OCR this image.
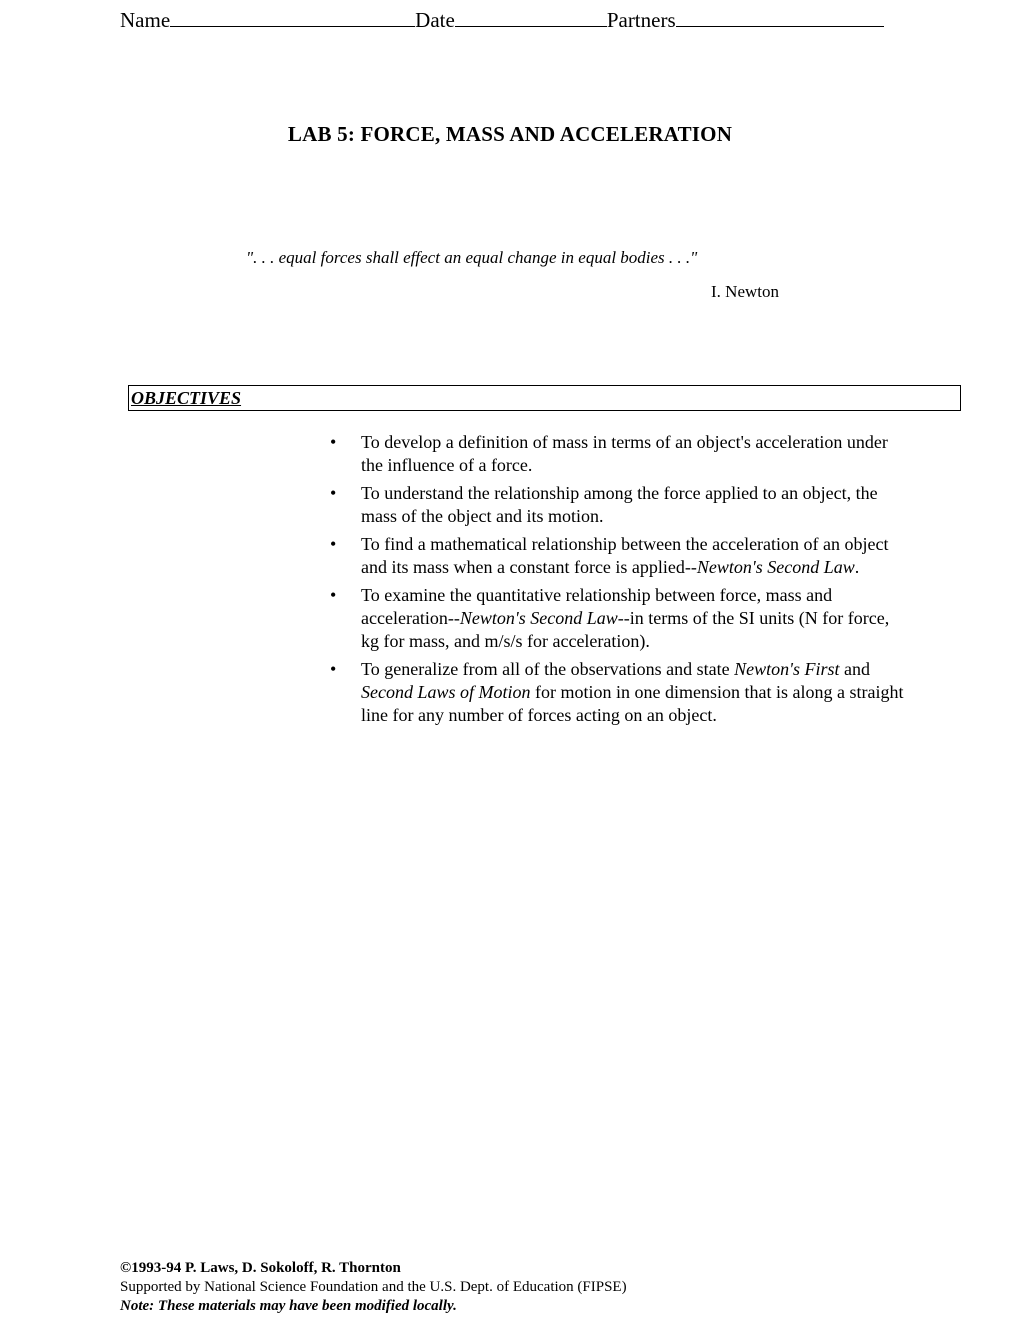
Name	Date	Partners
LAB 5: FORCE, MASS AND ACCELERATION
". . . equal forces shall effect an equal change in equal bodies . . ."
I. Newton
OBJECTIVES
• To develop a definition of mass in terms of an object's acceleration under the influence of a force.
• To understand the relationship among the force applied to an object, the mass of the object and its motion.
• To find a mathematical relationship between the acceleration of an object and its mass when a constant force is applied--Newton's Second Law.
• To examine the quantitative relationship between force, mass and acceleration--Newton's Second Law--in terms of the SI units (N for force, kg for mass, and m/s/s for acceleration).
• To generalize from all of the observations and state Newton's First and Second Laws of Motion for motion in one dimension that is along a straight line for any number of forces acting on an object.
©1993-94 P. Laws, D. Sokoloff, R. Thornton
Supported by National Science Foundation and the U.S. Dept. of Education (FIPSE)
Note: These materials may have been modified locally.
